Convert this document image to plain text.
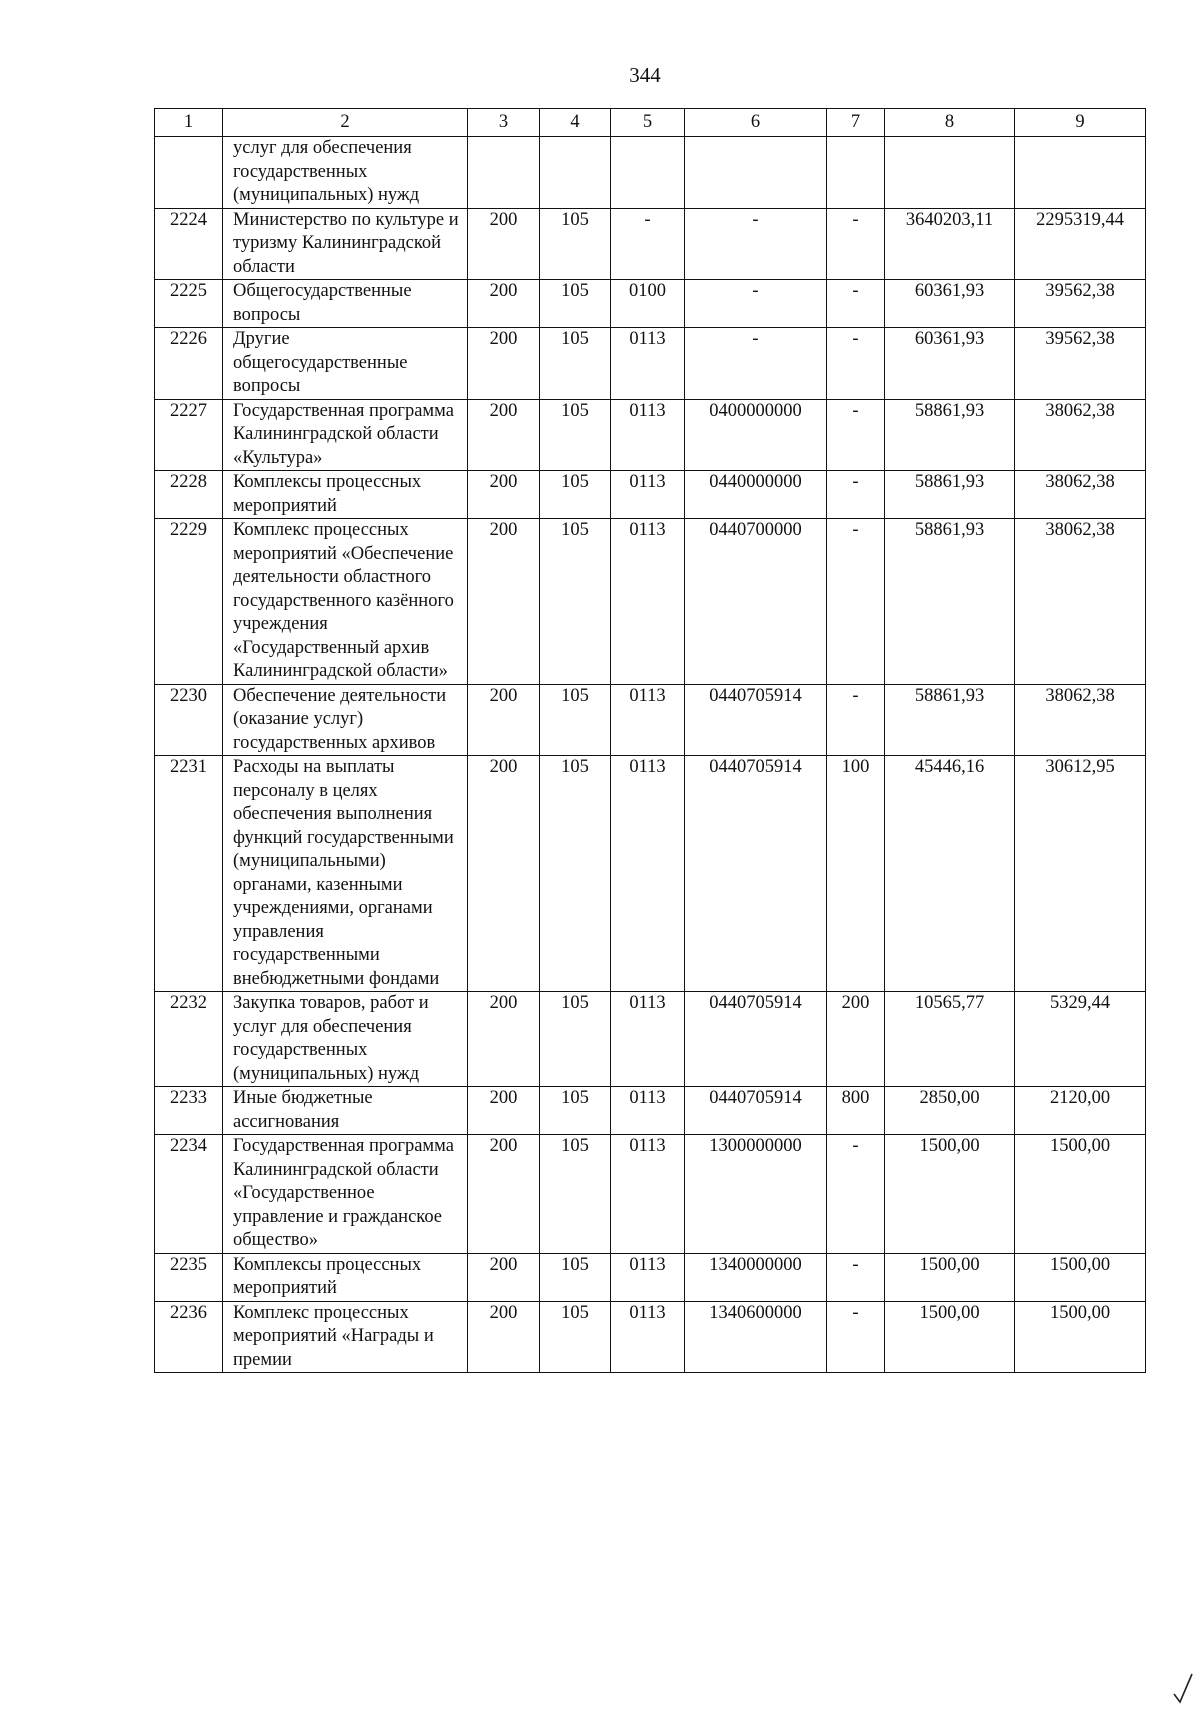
344
1	2	3	4	5	6	7	8	9
	услуг для обеспечения государственных (муниципальных) нужд							
2224	Министерство по культуре и туризму Калининградской области	200	105	-	-	-	3640203,11	2295319,44
2225	Общегосударственные вопросы	200	105	0100	-	-	60361,93	39562,38
2226	Другие общегосударственные вопросы	200	105	0113	-	-	60361,93	39562,38
2227	Государственная программа Калининградской области «Культура»	200	105	0113	0400000000	-	58861,93	38062,38
2228	Комплексы процессных мероприятий	200	105	0113	0440000000	-	58861,93	38062,38
2229	Комплекс процессных мероприятий «Обеспечение деятельности областного государственного казённого учреждения «Государственный архив Калининградской области»	200	105	0113	0440700000	-	58861,93	38062,38
2230	Обеспечение деятельности (оказание услуг) государственных архивов	200	105	0113	0440705914	-	58861,93	38062,38
2231	Расходы на выплаты персоналу в целях обеспечения выполнения функций государственными (муниципальными) органами, казенными учреждениями, органами управления государственными внебюджетными фондами	200	105	0113	0440705914	100	45446,16	30612,95
2232	Закупка товаров, работ и услуг для обеспечения государственных (муниципальных) нужд	200	105	0113	0440705914	200	10565,77	5329,44
2233	Иные бюджетные ассигнования	200	105	0113	0440705914	800	2850,00	2120,00
2234	Государственная программа Калининградской области «Государственное управление и гражданское общество»	200	105	0113	1300000000	-	1500,00	1500,00
2235	Комплексы процессных мероприятий	200	105	0113	1340000000	-	1500,00	1500,00
2236	Комплекс процессных мероприятий «Награды и премии	200	105	0113	1340600000	-	1500,00	1500,00
